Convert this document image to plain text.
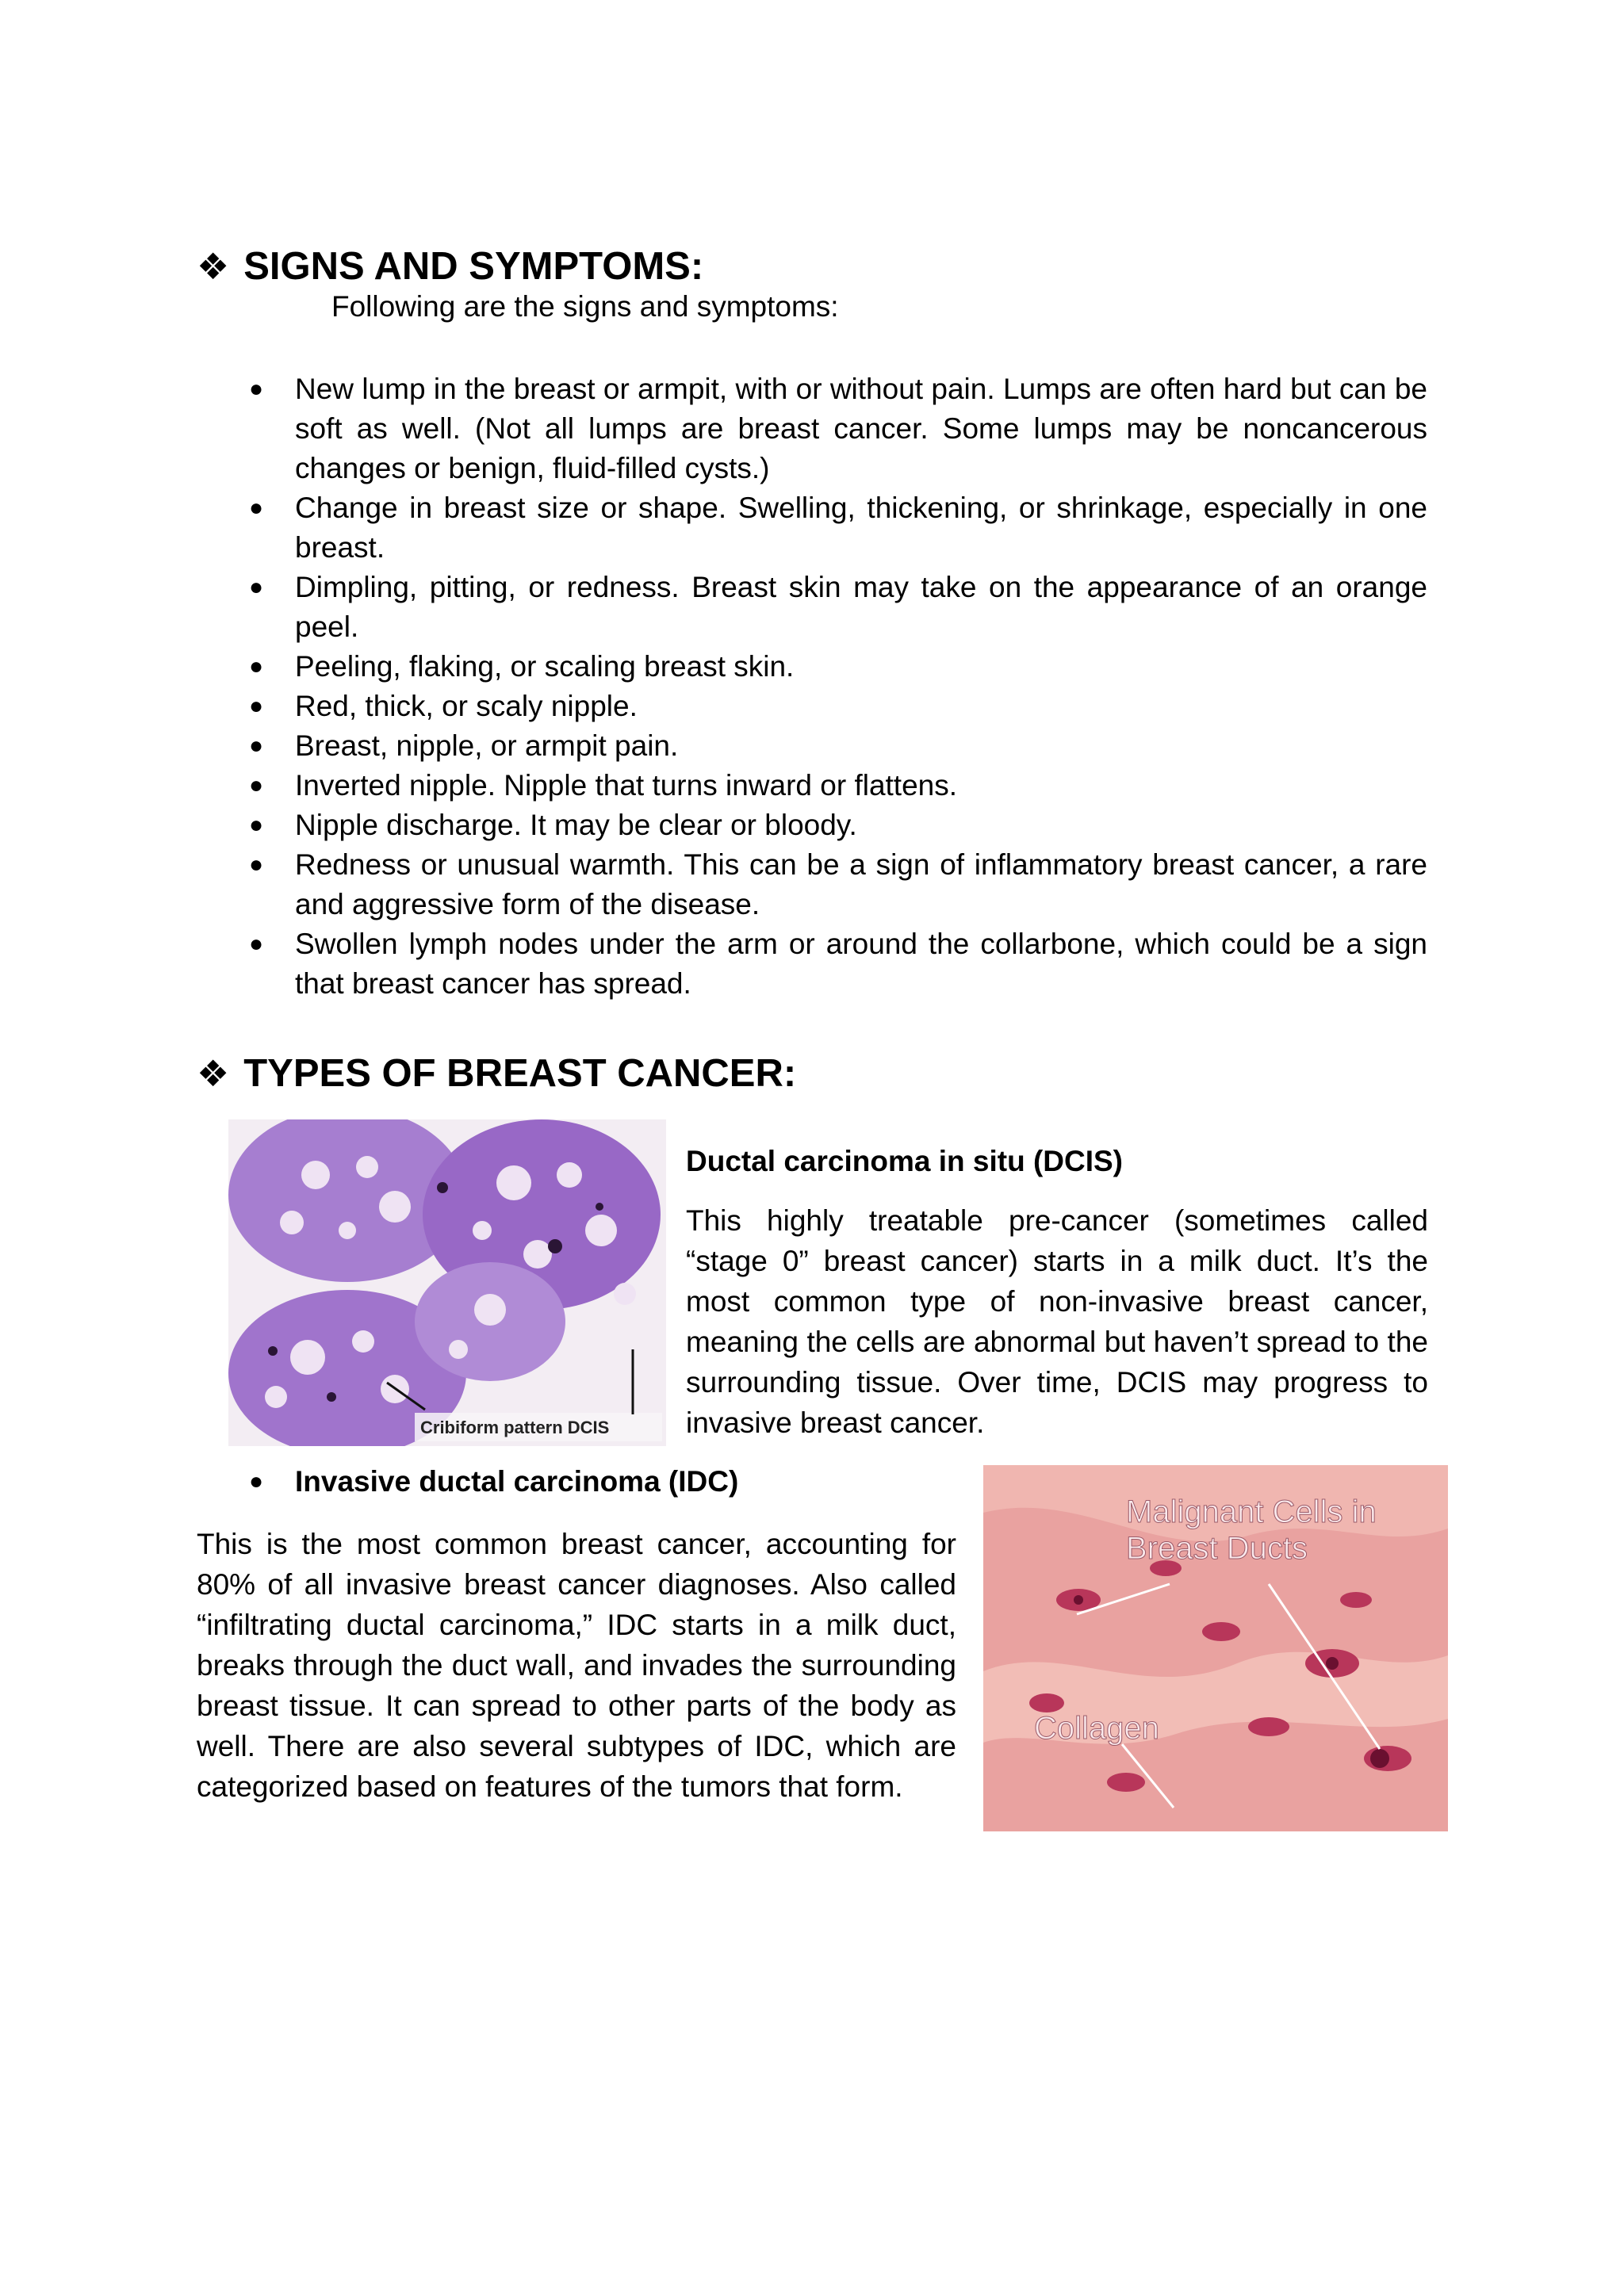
❖ SIGNS AND SYMPTOMS:

Following are the signs and symptoms:

● New lump in the breast or armpit, with or without pain. Lumps are often hard but can be soft as well. (Not all lumps are breast cancer. Some lumps may be noncancerous changes or benign, fluid-filled cysts.)
● Change in breast size or shape. Swelling, thickening, or shrinkage, especially in one breast.
● Dimpling, pitting, or redness. Breast skin may take on the appearance of an orange peel.
● Peeling, flaking, or scaling breast skin.
● Red, thick, or scaly nipple.
● Breast, nipple, or armpit pain.
● Inverted nipple. Nipple that turns inward or flattens.
● Nipple discharge. It may be clear or bloody.
● Redness or unusual warmth. This can be a sign of inflammatory breast cancer, a rare and aggressive form of the disease.
● Swollen lymph nodes under the arm or around the collarbone, which could be a sign that breast cancer has spread.
❖ TYPES OF BREAST CANCER:
Cribiform pattern DCIS

Ductal carcinoma in situ (DCIS)

This highly treatable pre-cancer (sometimes called “stage 0” breast cancer) starts in a milk duct. It’s the most common type of non-invasive breast cancer, meaning the cells are abnormal but haven’t spread to the surrounding tissue. Over time, DCIS may progress to invasive breast cancer.

● Invasive ductal carcinoma (IDC)

This is the most common breast cancer, accounting for 80% of all invasive breast cancer diagnoses. Also called “infiltrating ductal carcinoma,” IDC starts in a milk duct, breaks through the duct wall, and invades the surrounding breast tissue. It can spread to other parts of the body as well. There are also several subtypes of IDC, which are categorized based on features of the tumors that form.

Malignant Cells in
Breast Ducts
Collagen
